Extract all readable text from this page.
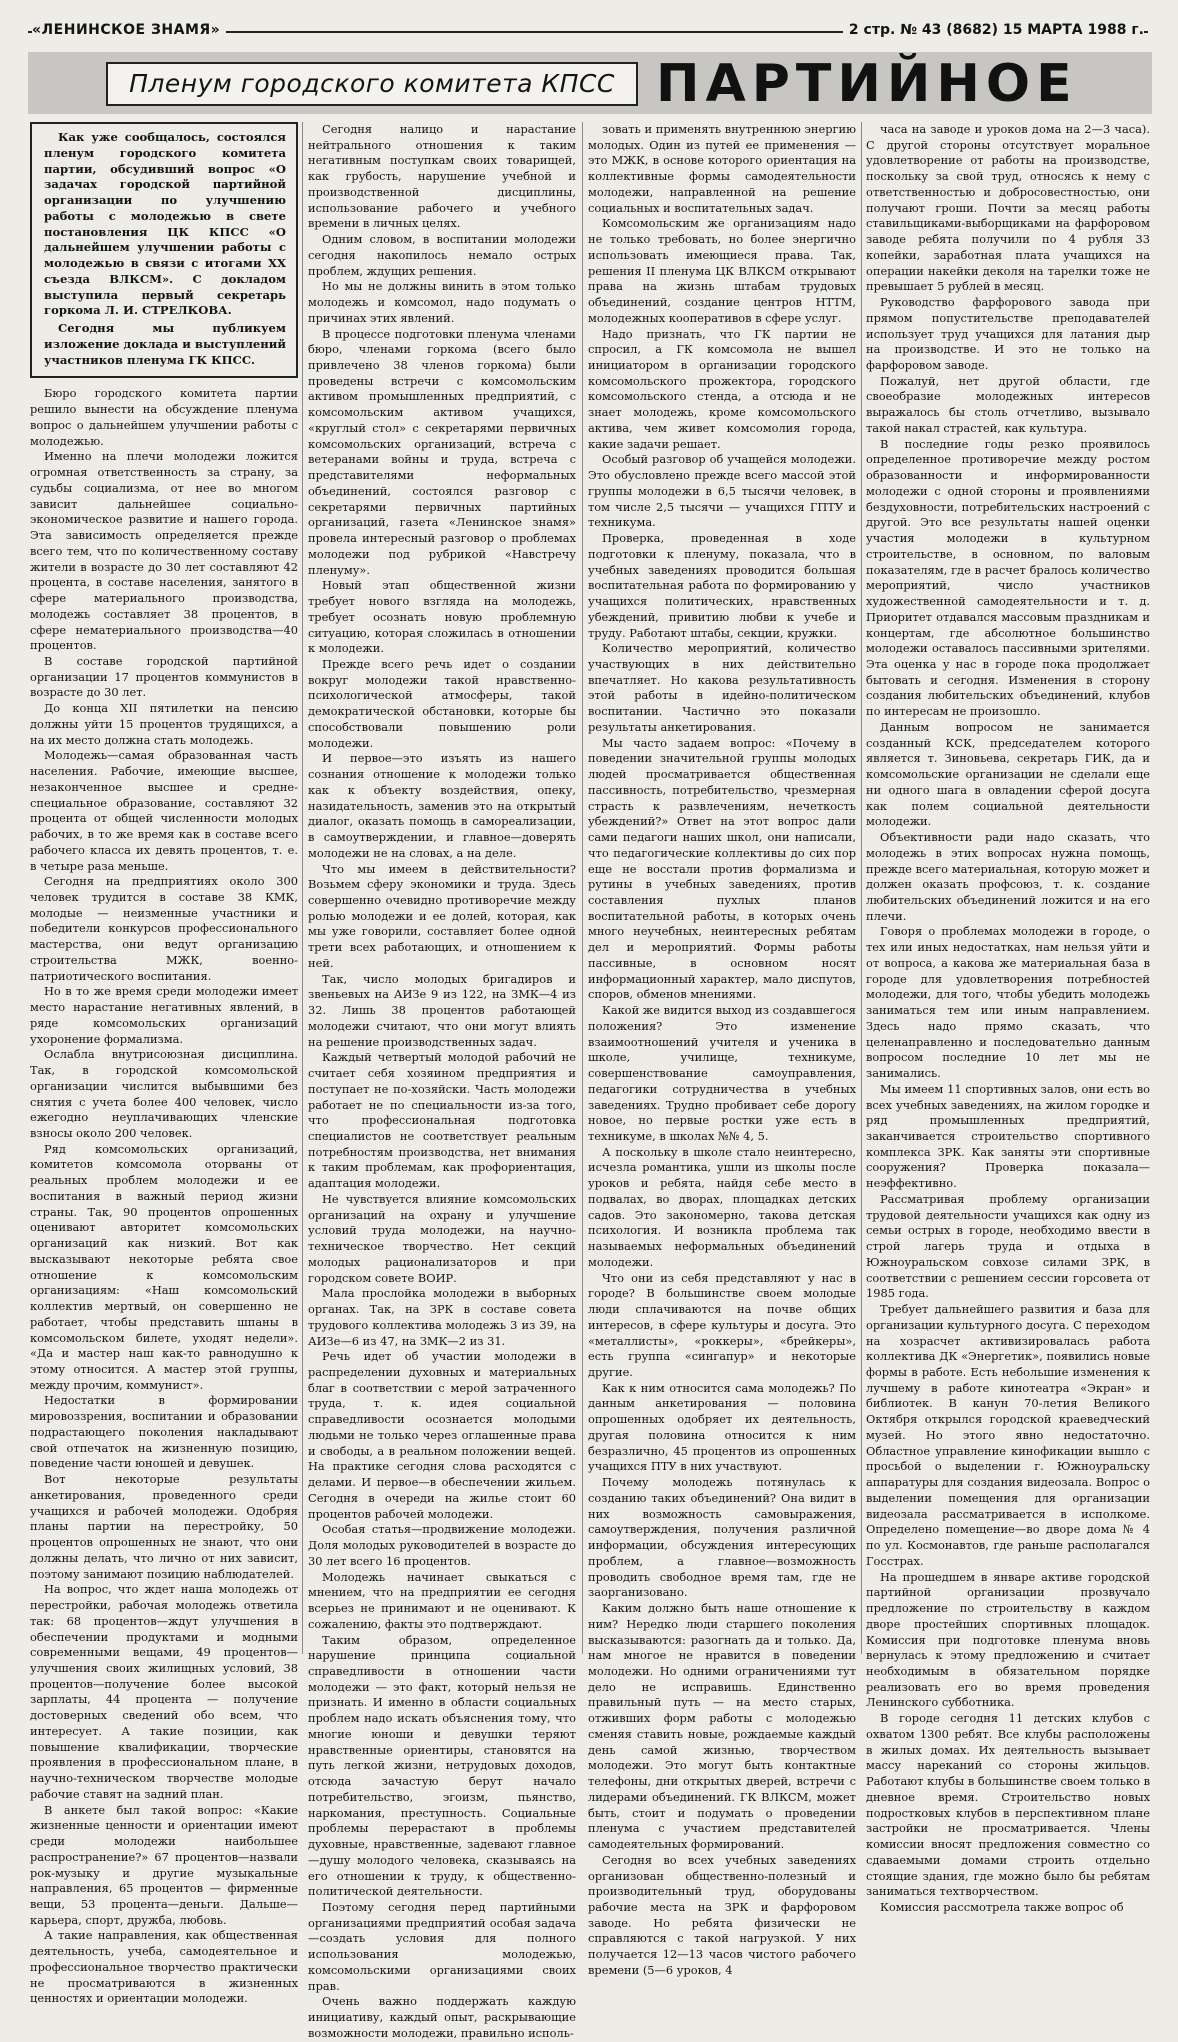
«ЛЕНИНСКОЕ ЗНАМЯ»	2 стр. № 43 (8682) 15 МАРТА 1988 г.
Пленум городского комитета КПСС ПАРТИЙНОЕ

Как уже сообщалось, состоялся пленум городского комитета партии, обсудивший вопрос «О задачах городской партийной организации по улучшению работы с молодежью в свете постановления ЦК КПСС «О дальнейшем улучшении работы с молодежью в связи с итогами XX съезда ВЛКСМ». С докладом выступила первый секретарь горкома Л. И. СТРЕЛКОВА.

Сегодня мы публикуем изложение доклада и выступлений участников пленума ГК КПСС.

Бюро городского комитета партии решило вынести на обсуждение пленума вопрос о дальнейшем улучшении работы с молодежью.

Именно на плечи молодежи ложится огромная ответственность за страну, за судьбы социализма, от нее во многом зависит дальнейшее социально-экономическое развитие и нашего города. Эта зависимость определяется прежде всего тем, что по количественному составу жители в возрасте до 30 лет составляют 42 процента, в составе населения, занятого в сфере материального производства, молодежь составляет 38 процентов, в сфере нематериального производства—40 процентов.

В составе городской партийной организации 17 процентов коммунистов в возрасте до 30 лет.

До конца XII пятилетки на пенсию должны уйти 15 процентов трудящихся, а на их место должна стать молодежь.

Молодежь—самая образованная часть населения. Рабочие, имеющие высшее, незаконченное высшее и средне-специальное образование, составляют 32 процента от общей численности молодых рабочих, в то же время как в составе всего рабочего класса их девять процентов, т. е. в четыре раза меньше.

Сегодня на предприятиях около 300 человек трудится в составе 38 КМК, молодые — неизменные участники и победители конкурсов профессионального мастерства, они ведут организацию строительства МЖК, военно-патриотического воспитания.

Но в то же время среди молодежи имеет место нарастание негативных явлений, в ряде комсомольских организаций ухоронение формализма.

Ослабла внутрисоюзная дисциплина. Так, в городской комсомольской организации числится выбывшими без снятия с учета более 400 человек, число ежегодно неуплачивающих членские взносы около 200 человек.

Ряд комсомольских организаций, комитетов комсомола оторваны от реальных проблем молодежи и ее воспитания в важный период жизни страны. Так, 90 процентов опрошенных оценивают авторитет комсомольских организаций как низкий. Вот как высказывают некоторые ребята свое отношение к комсомольским организациям: «Наш комсомольский коллектив мертвый, он совершенно не работает, чтобы представить шпаны в комсомольском билете, уходят недели». «Да и мастер наш как-то равнодушно к этому относится. А мастер этой группы, между прочим, коммунист».

Недостатки в формировании мировоззрения, воспитании и образовании подрастающего поколения накладывают свой отпечаток на жизненную позицию, поведение части юношей и девушек.

Вот некоторые результаты анкетирования, проведенного среди учащихся и рабочей молодежи. Одобряя планы партии на перестройку, 50 процентов опрошенных не знают, что они должны делать, что лично от них зависит, поэтому занимают позицию наблюдателей.

На вопрос, что ждет наша молодежь от перестройки, рабочая молодежь ответила так: 68 процентов—ждут улучшения в обеспечении продуктами и модными современными вещами, 49 процентов—улучшения своих жилищных условий, 38 процентов—получение более высокой зарплаты, 44 процента — получение достоверных сведений обо всем, что интересует. А такие позиции, как повышение квалификации, творческие проявления в профессиональном плане, в научно-техническом творчестве молодые рабочие ставят на задний план.

В анкете был такой вопрос: «Какие жизненные ценности и ориентации имеют среди молодежи наибольшее распространение?» 67 процентов—назвали рок-музыку и другие музыкальные направления, 65 процентов — фирменные вещи, 53 процента—деньги. Дальше—карьера, спорт, дружба, любовь.

А такие направления, как общественная деятельность, учеба, самодеятельное и профессиональное творчество практически не просматриваются в жизненных ценностях и ориентации молодежи.

Сегодня налицо и нарастание нейтрального отношения к таким негативным поступкам своих товарищей, как грубость, нарушение учебной и производственной дисциплины, использование рабочего и учебного времени в личных целях.

Одним словом, в воспитании молодежи сегодня накопилось немало острых проблем, ждущих решения.

Но мы не должны винить в этом только молодежь и комсомол, надо подумать о причинах этих явлений.

В процессе подготовки пленума членами бюро, членами горкома (всего было привлечено 38 членов горкома) были проведены встречи с комсомольским активом промышленных предприятий, с комсомольским активом учащихся, «круглый стол» с секретарями первичных комсомольских организаций, встреча с ветеранами войны и труда, встреча с представителями неформальных объединений, состоялся разговор с секретарями первичных партийных организаций, газета «Ленинское знамя» провела интересный разговор о проблемах молодежи под рубрикой «Навстречу пленуму».

Новый этап общественной жизни требует нового взгляда на молодежь, требует осознать новую проблемную ситуацию, которая сложилась в отношении к молодежи.

Прежде всего речь идет о создании вокруг молодежи такой нравственно-психологической атмосферы, такой демократической обстановки, которые бы способствовали повышению роли молодежи.

И первое—это изъять из нашего сознания отношение к молодежи только как к объекту воздействия, опеку, назидательность, заменив это на открытый диалог, оказать помощь в самореализации, в самоутверждении, и главное—доверять молодежи не на словах, а на деле.

Что мы имеем в действительности? Возьмем сферу экономики и труда. Здесь совершенно очевидно противоречие между ролью молодежи и ее долей, которая, как мы уже говорили, составляет более одной трети всех работающих, и отношением к ней.

Так, число молодых бригадиров и звеньевых на АИЗе 9 из 122, на ЗМК—4 из 32. Лишь 38 процентов работающей молодежи считают, что они могут влиять на решение производственных задач.

Каждый четвертый молодой рабочий не считает себя хозяином предприятия и поступает не по-хозяйски. Часть молодежи работает не по специальности из-за того, что профессиональная подготовка специалистов не соответствует реальным потребностям производства, нет внимания к таким проблемам, как профориентация, адаптация молодежи.

Не чувствуется влияние комсомольских организаций на охрану и улучшение условий труда молодежи, на научно-техническое творчество. Нет секций молодых рационализаторов и при городском совете ВОИР.

Мала прослойка молодежи в выборных органах. Так, на ЗРК в составе совета трудового коллектива молодежь 3 из 39, на АИЗе—6 из 47, на ЗМК—2 из 31.

Речь идет об участии молодежи в распределении духовных и материальных благ в соответствии с мерой затраченного труда, т. к. идея социальной справедливости осознается молодыми людьми не только через оглашенные права и свободы, а в реальном положении вещей. На практике сегодня слова расходятся с делами. И первое—в обеспечении жильем. Сегодня в очереди на жилье стоит 60 процентов рабочей молодежи.

Особая статья—продвижение молодежи. Доля молодых руководителей в возрасте до 30 лет всего 16 процентов.

Молодежь начинает свыкаться с мнением, что на предприятии ее сегодня всерьез не принимают и не оценивают. К сожалению, факты это подтверждают.

Таким образом, определенное нарушение принципа социальной справедливости в отношении части молодежи — это факт, который нельзя не признать. И именно в области социальных проблем надо искать объяснения тому, что многие юноши и девушки теряют нравственные ориентиры, становятся на путь легкой жизни, нетрудовых доходов, отсюда зачастую берут начало потребительство, эгоизм, пьянство, наркомания, преступность. Социальные проблемы перерастают в проблемы духовные, нравственные, задевают главное—душу молодого человека, сказываясь на его отношении к труду, к общественно-политической деятельности.

Поэтому сегодня перед партийными организациями предприятий особая задача—создать условия для полного использования молодежью, комсомольскими организациями своих прав.

Очень важно поддержать каждую инициативу, каждый опыт, раскрывающие возможности молодежи, правильно исполь-

зовать и применять внутреннюю энергию молодых. Один из путей ее применения — это МЖК, в основе которого ориентация на коллективные формы самодеятельности молодежи, направленной на решение социальных и воспитательных задач.

Комсомольским же организациям надо не только требовать, но более энергично использовать имеющиеся права. Так, решения II пленума ЦК ВЛКСМ открывают права на жизнь штабам трудовых объединений, создание центров НТТМ, молодежных кооперативов в сфере услуг.

Надо признать, что ГК партии не спросил, а ГК комсомола не вышел инициатором в организации городского комсомольского прожектора, городского комсомольского стенда, а отсюда и не знает молодежь, кроме комсомольского актива, чем живет комсомолия города, какие задачи решает.

Особый разговор об учащейся молодежи. Это обусловлено прежде всего массой этой группы молодежи в 6,5 тысячи человек, в том числе 2,5 тысячи — учащихся ГПТУ и техникума.

Проверка, проведенная в ходе подготовки к пленуму, показала, что в учебных заведениях проводится большая воспитательная работа по формированию у учащихся политических, нравственных убеждений, привитию любви к учебе и труду. Работают штабы, секции, кружки.

Количество мероприятий, количество участвующих в них действительно впечатляет. Но какова результативность этой работы в идейно-политическом воспитании. Частично это показали результаты анкетирования.

Мы часто задаем вопрос: «Почему в поведении значительной группы молодых людей просматривается общественная пассивность, потребительство, чрезмерная страсть к развлечениям, нечеткость убеждений?» Ответ на этот вопрос дали сами педагоги наших школ, они написали, что педагогические коллективы до сих пор еще не восстали против формализма и рутины в учебных заведениях, против составления пухлых планов воспитательной работы, в которых очень много неучебных, неинтересных ребятам дел и мероприятий. Формы работы пассивные, в основном носят информационный характер, мало диспутов, споров, обменов мнениями.

Какой же видится выход из создавшегося положения? Это изменение взаимоотношений учителя и ученика в школе, училище, техникуме, совершенствование самоуправления, педагогики сотрудничества в учебных заведениях. Трудно пробивает себе дорогу новое, но первые ростки уже есть в техникуме, в школах №№ 4, 5.

А поскольку в школе стало неинтересно, исчезла романтика, ушли из школы после уроков и ребята, найдя себе место в подвалах, во дворах, площадках детских садов. Это закономерно, такова детская психология. И возникла проблема так называемых неформальных объединений молодежи.

Что они из себя представляют у нас в городе? В большинстве своем молодые люди сплачиваются на почве общих интересов, в сфере культуры и досуга. Это «металлисты», «роккеры», «брейкеры», есть группа «сингапур» и некоторые другие.

Как к ним относится сама молодежь? По данным анкетирования — половина опрошенных одобряет их деятельность, другая половина относится к ним безразлично, 45 процентов из опрошенных учащихся ПТУ в них участвуют.

Почему молодежь потянулась к созданию таких объединений? Она видит в них возможность самовыражения, самоутверждения, получения различной информации, обсуждения интересующих проблем, а главное—возможность проводить свободное время там, где не заорганизовано.

Каким должно быть наше отношение к ним? Нередко люди старшего поколения высказываются: разогнать да и только. Да, нам многое не нравится в поведении молодежи. Но одними ограничениями тут дело не исправишь. Единственно правильный путь — на место старых, отживших форм работы с молодежью сменяя ставить новые, рождаемые каждый день самой жизнью, творчеством молодежи. Это могут быть контактные телефоны, дни открытых дверей, встречи с лидерами объединений. ГК ВЛКСМ, может быть, стоит и подумать о проведении пленума с участием представителей самодеятельных формирований.

Сегодня во всех учебных заведениях организован общественно-полезный и производительный труд, оборудованы рабочие места на ЗРК и фарфоровом заводе. Но ребята физически не справляются с такой нагрузкой. У них получается 12—13 часов чистого рабочего времени (5—6 уроков, 4

часа на заводе и уроков дома на 2—3 часа). С другой стороны отсутствует моральное удовлетворение от работы на производстве, поскольку за свой труд, относясь к нему с ответственностью и добросовестностью, они получают гроши. Почти за месяц работы ставильщиками-выборщиками на фарфоровом заводе ребята получили по 4 рубля 33 копейки, заработная плата учащихся на операции накейки деколя на тарелки тоже не превышает 5 рублей в месяц.

Руководство фарфорового завода при прямом попустительстве преподавателей использует труд учащихся для латания дыр на производстве. И это не только на фарфоровом заводе.

Пожалуй, нет другой области, где своеобразие молодежных интересов выражалось бы столь отчетливо, вызывало такой накал страстей, как культура.

В последние годы резко проявилось определенное противоречие между ростом образованности и информированности молодежи с одной стороны и проявлениями бездуховности, потребительских настроений с другой. Это все результаты нашей оценки участия молодежи в культурном строительстве, в основном, по валовым показателям, где в расчет бралось количество мероприятий, число участников художественной самодеятельности и т. д. Приоритет отдавался массовым праздникам и концертам, где абсолютное большинство молодежи оставалось пассивными зрителями. Эта оценка у нас в городе пока продолжает бытовать и сегодня. Изменения в сторону создания любительских объединений, клубов по интересам не произошло.

Данным вопросом не занимается созданный КСК, председателем которого является т. Зиновьева, секретарь ГИК, да и комсомольские организации не сделали еще ни одного шага в овладении сферой досуга как полем социальной деятельности молодежи.

Объективности ради надо сказать, что молодежь в этих вопросах нужна помощь, прежде всего материальная, которую может и должен оказать профсоюз, т. к. создание любительских объединений ложится и на его плечи.

Говоря о проблемах молодежи в городе, о тех или иных недостатках, нам нельзя уйти и от вопроса, а какова же материальная база в городе для удовлетворения потребностей молодежи, для того, чтобы убедить молодежь заниматься тем или иным направлением. Здесь надо прямо сказать, что целенаправленно и последовательно данным вопросом последние 10 лет мы не занимались.

Мы имеем 11 спортивных залов, они есть во всех учебных заведениях, на жилом городке и ряд промышленных предприятий, заканчивается строительство спортивного комплекса ЗРК. Как заняты эти спортивные сооружения? Проверка показала—неэффективно.

Рассматривая проблему организации трудовой деятельности учащихся как одну из семьи острых в городе, необходимо ввести в строй лагерь труда и отдыха в Южноуральском совхозе силами ЗРК, в соответствии с решением сессии горсовета от 1985 года.

Требует дальнейшего развития и база для организации культурного досуга. С переходом на хозрасчет активизировалась работа коллектива ДК «Энергетик», появились новые формы в работе. Есть небольшие изменения к лучшему в работе кинотеатра «Экран» и библиотек. В канун 70-летия Великого Октября открылся городской краеведческий музей. Но этого явно недостаточно. Областное управление кинофикации вышло с просьбой о выделении г. Южноуральску аппаратуры для создания видеозала. Вопрос о выделении помещения для организации видеозала рассматривается в исполкоме. Определено помещение—во дворе дома № 4 по ул. Космонавтов, где раньше располагался Госстрах.

На прошедшем в январе активе городской партийной организации прозвучало предложение по строительству в каждом дворе простейших спортивных площадок. Комиссия при подготовке пленума вновь вернулась к этому предложению и считает необходимым в обязательном порядке реализовать его во время проведения Ленинского субботника.

В городе сегодня 11 детских клубов с охватом 1300 ребят. Все клубы расположены в жилых домах. Их деятельность вызывает массу нареканий со стороны жильцов. Работают клубы в большинстве своем только в дневное время. Строительство новых подростковых клубов в перспективном плане застройки не просматривается. Члены комиссии вносят предложения совместно со сдаваемыми домами строить отдельно стоящие здания, где можно было бы ребятам заниматься техтворчеством.

Комиссия рассмотрела также вопрос об
